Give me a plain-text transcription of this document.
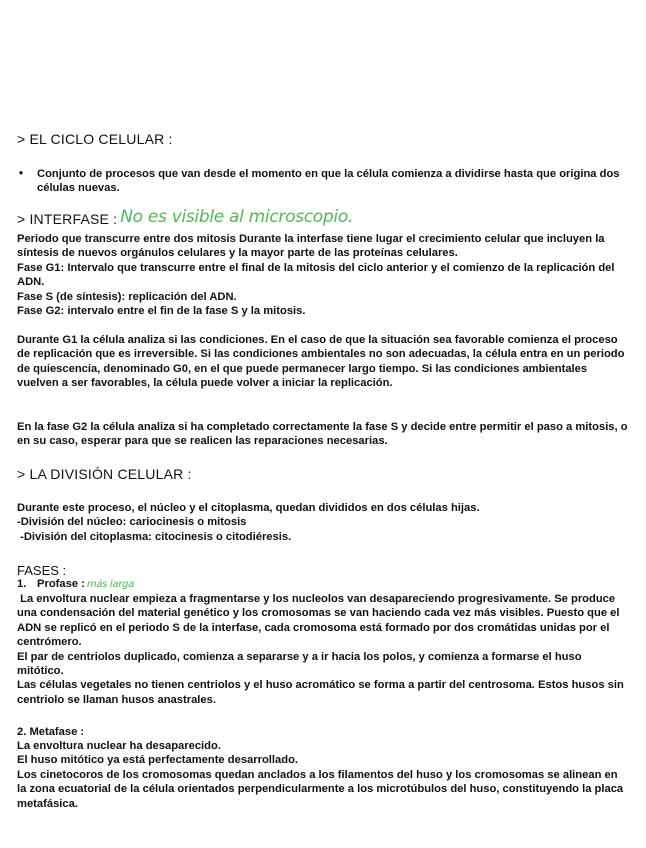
> EL CICLO CELULAR :
•	Conjunto de procesos que van desde el momento en que la célula comienza a dividirse hasta que origina dos células nuevas.
> INTERFASE : No es visible al microscopio.
Periodo que transcurre entre dos mitosis Durante la interfase tiene lugar el crecimiento celular que incluyen la síntesis de nuevos orgánulos celulares y la mayor parte de las proteínas celulares.
Fase G1: Intervalo que transcurre entre el final de la mitosis del ciclo anterior y el comienzo de la replicación del ADN.
Fase S (de síntesis): replicación del ADN.
Fase G2: intervalo entre el fin de la fase S y la mitosis.
Durante G1 la célula analiza si las condiciones. En el caso de que la situación sea favorable comienza el proceso de replicación que es irreversible. Si las condiciones ambientales no son adecuadas, la célula entra en un periodo de quiescencia, denominado G0, en el que puede permanecer largo tiempo. Si las condiciones ambientales vuelven a ser favorables, la célula puede volver a iniciar la replicación.
En la fase G2 la célula analiza si ha completado correctamente la fase S y decide entre permitir el paso a mitosis, o en su caso, esperar para que se realicen las reparaciones necesarias.
> LA DIVISIÓN CELULAR :
Durante este proceso, el núcleo y el citoplasma, quedan divididos en dos células hijas.
-División del núcleo: cariocinesis o mitosis
-División del citoplasma: citocinesis o citodiéresis.
FASES :
1. Profase : más larga
La envoltura nuclear empieza a fragmentarse y los nucleolos van desapareciendo progresivamente. Se produce una condensación del material genético y los cromosomas se van haciendo cada vez más visibles. Puesto que el ADN se replicó en el periodo S de la interfase, cada cromosoma está formado por dos cromátidas unidas por el centrómero.
El par de centriolos duplicado, comienza a separarse y a ir hacia los polos, y comienza a formarse el huso mitótico.
Las células vegetales no tienen centriolos y el huso acromático se forma a partir del centrosoma. Estos husos sin centriolo se llaman husos anastrales.
2. Metafase :
La envoltura nuclear ha desaparecido.
El huso mitótico ya está perfectamente desarrollado.
Los cinetocoros de los cromosomas quedan anclados a los filamentos del huso y los cromosomas se alinean en la zona ecuatorial de la célula orientados perpendicularmente a los microtúbulos del huso, constituyendo la placa metafásica.
